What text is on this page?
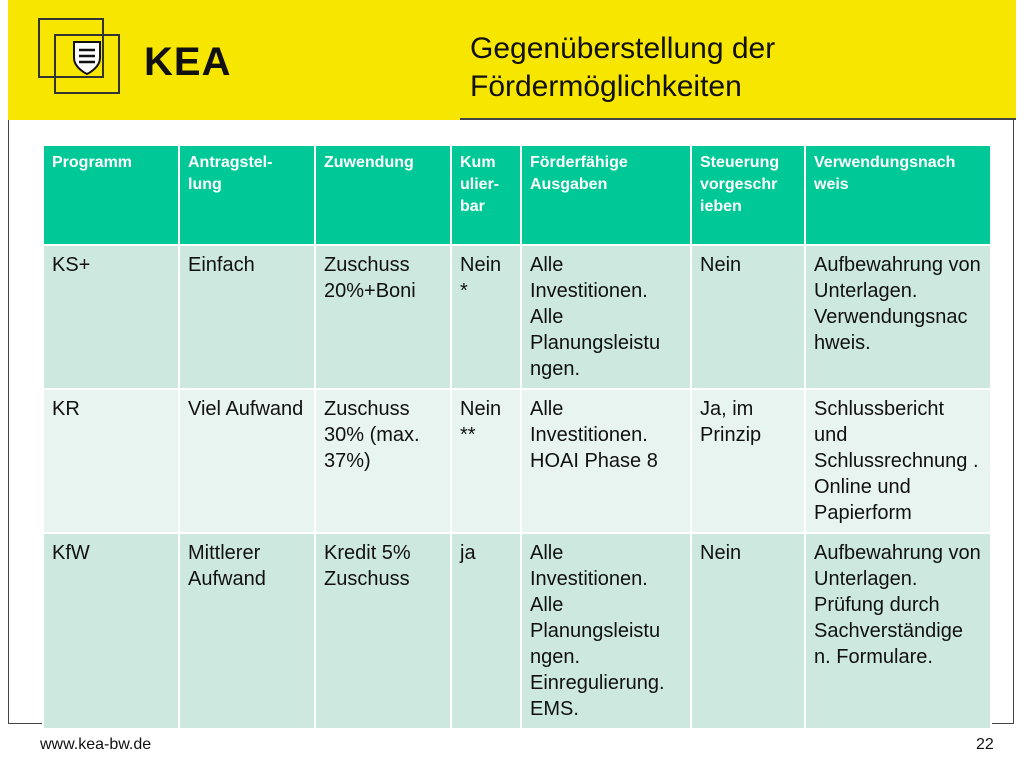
KEA	Gegenüberstellung der
Fördermöglichkeiten
Programm	Antragstel-lung	Zuwendung	Kum ulier-bar	Förderfähige Ausgaben	Steuerung vorgeschr ieben	Verwendungsnach weis
KS+	Einfach	Zuschuss 20%+Boni	Nein *	Alle Investitionen. Alle Planungsleistu ngen.	Nein	Aufbewahrung von Unterlagen. Verwendungsnac hweis.
KR	Viel Aufwand	Zuschuss 30% (max. 37%)	Nein **	Alle Investitionen. HOAI Phase 8	Ja, im Prinzip	Schlussbericht und Schlussrechnung . Online und Papierform
KfW	Mittlerer Aufwand	Kredit 5% Zuschuss	ja	Alle Investitionen. Alle Planungsleistu ngen. Einregulierung. EMS.	Nein	Aufbewahrung von Unterlagen. Prüfung durch Sachverständige n. Formulare.
www.kea-bw.de	22
